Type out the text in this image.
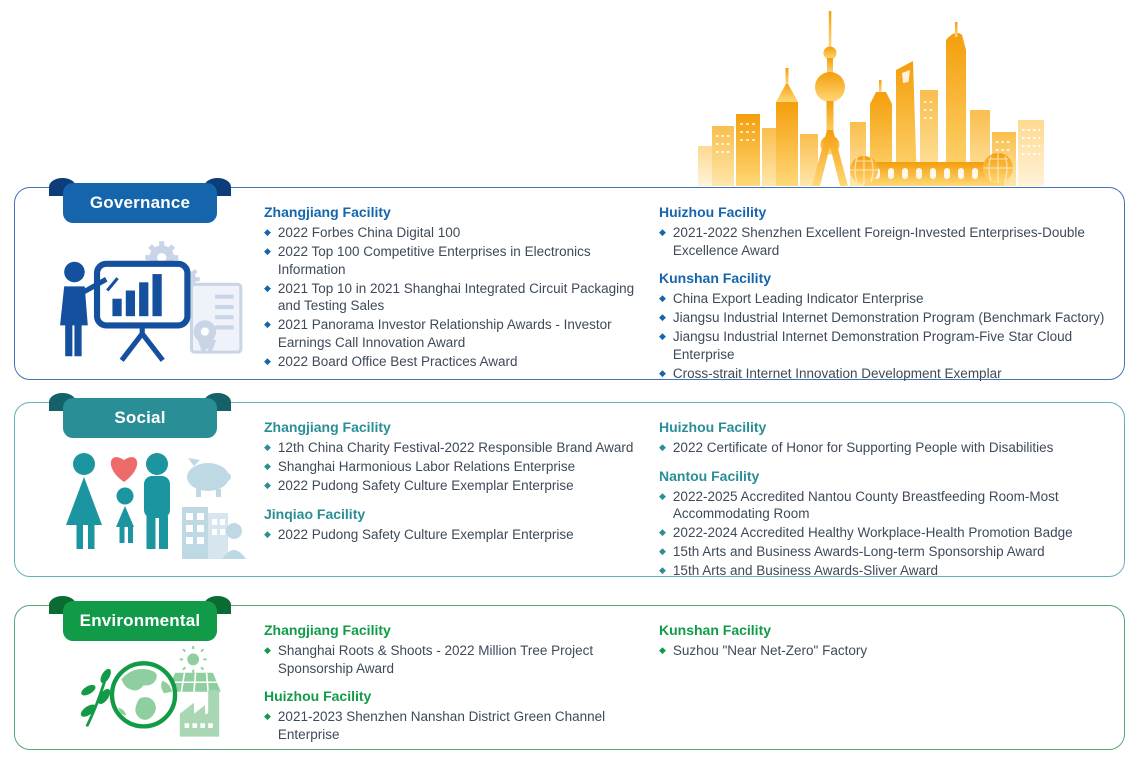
Governance	Zhangjiang Facility
◆ 2022 Forbes China Digital 100
◆ 2022 Top 100 Competitive Enterprises in Electronics Information
◆ 2021 Top 10 in 2021 Shanghai Integrated Circuit Packaging and Testing Sales
◆ 2021 Panorama Investor Relationship Awards - Investor Earnings Call Innovation Award
◆ 2022 Board Office Best Practices Award
Huizhou Facility
◆ 2021-2022 Shenzhen Excellent Foreign-Invested Enterprises-Double Excellence Award
Kunshan Facility
◆ China Export Leading Indicator Enterprise
◆ Jiangsu Industrial Internet Demonstration Program (Benchmark Factory)
◆ Jiangsu Industrial Internet Demonstration Program-Five Star Cloud Enterprise
◆ Cross-strait Internet Innovation Development Exemplar
Social	Zhangjiang Facility
◆ 12th China Charity Festival-2022 Responsible Brand Award
◆ Shanghai Harmonious Labor Relations Enterprise
◆ 2022 Pudong Safety Culture Exemplar Enterprise
Jinqiao Facility
◆ 2022 Pudong Safety Culture Exemplar Enterprise
Huizhou Facility
◆ 2022 Certificate of Honor for Supporting People with Disabilities
Nantou Facility
◆ 2022-2025 Accredited Nantou County Breastfeeding Room-Most Accommodating Room
◆ 2022-2024 Accredited Healthy Workplace-Health Promotion Badge
◆ 15th Arts and Business Awards-Long-term Sponsorship Award
◆ 15th Arts and Business Awards-Sliver Award
Environmental	Zhangjiang Facility
◆ Shanghai Roots & Shoots - 2022 Million Tree Project Sponsorship Award
Huizhou Facility
◆ 2021-2023 Shenzhen Nanshan District Green Channel Enterprise
Kunshan Facility
◆ Suzhou "Near Net-Zero" Factory
